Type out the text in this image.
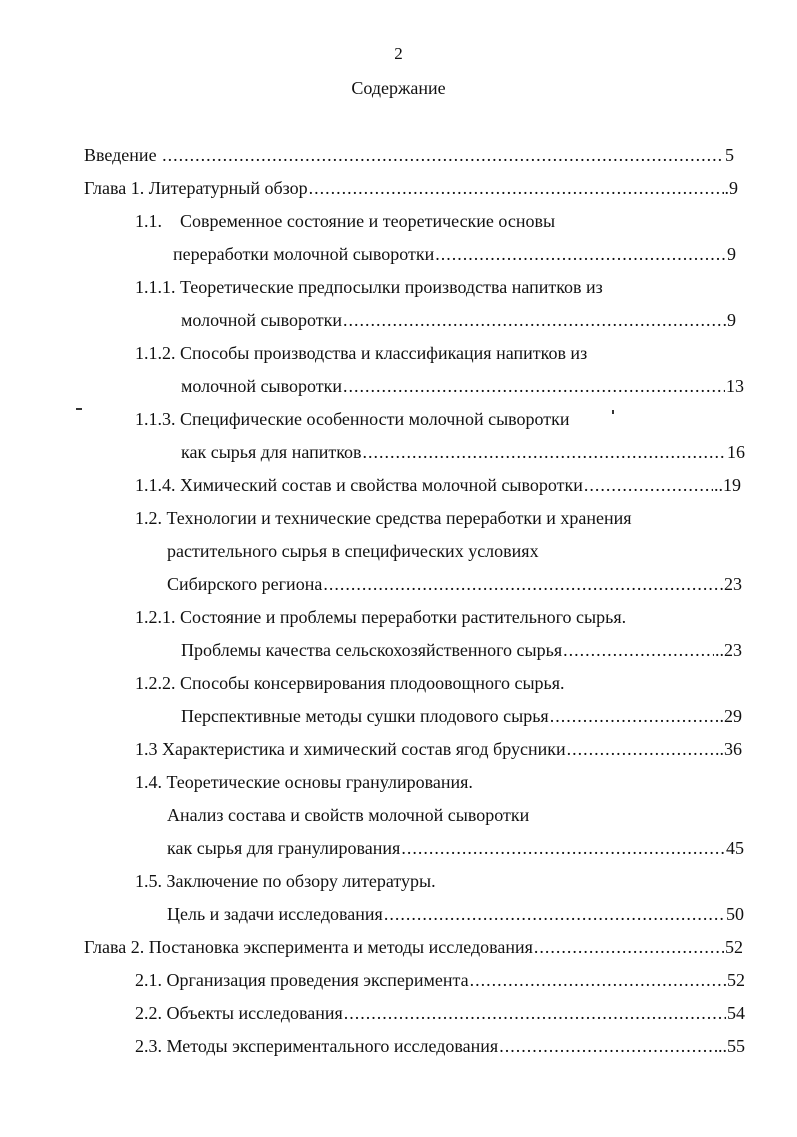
2
Содержание
Введение .....	5
Глава 1. Литературный обзор .....	.9
1.1.    Современное состояние и теоретические основы
переработки молочной сыворотки .....	9
1.1.1. Теоретические предпосылки производства напитков из
молочной сыворотки .....	9
1.1.2. Способы производства и классификация напитков из
молочной сыворотки .....	13
1.1.3. Специфические особенности молочной сыворотки
как сырья для напитков .....	16
1.1.4. Химический состав и свойства молочной сыворотки .....	..19
1.2. Технологии и технические средства переработки и хранения
растительного сырья в специфических условиях
Сибирского региона .....	23
1.2.1. Состояние и проблемы переработки растительного сырья.
Проблемы качества сельскохозяйственного сырья .....	..23
1.2.2. Способы консервирования плодоовощного сырья.
Перспективные методы сушки плодового сырья .....	.29
1.3 Характеристика и химический состав ягод брусники .....	..36
1.4. Теоретические основы гранулирования.
Анализ состава и свойств молочной сыворотки
как сырья для гранулирования .....	45
1.5. Заключение по обзору литературы.
Цель и задачи исследования .....	50
Глава 2. Постановка эксперимента и методы исследования .....	52
2.1. Организация проведения эксперимента .....	52
2.2. Объекты исследования .....	54
2.3. Методы экспериментального исследования .....	..55
